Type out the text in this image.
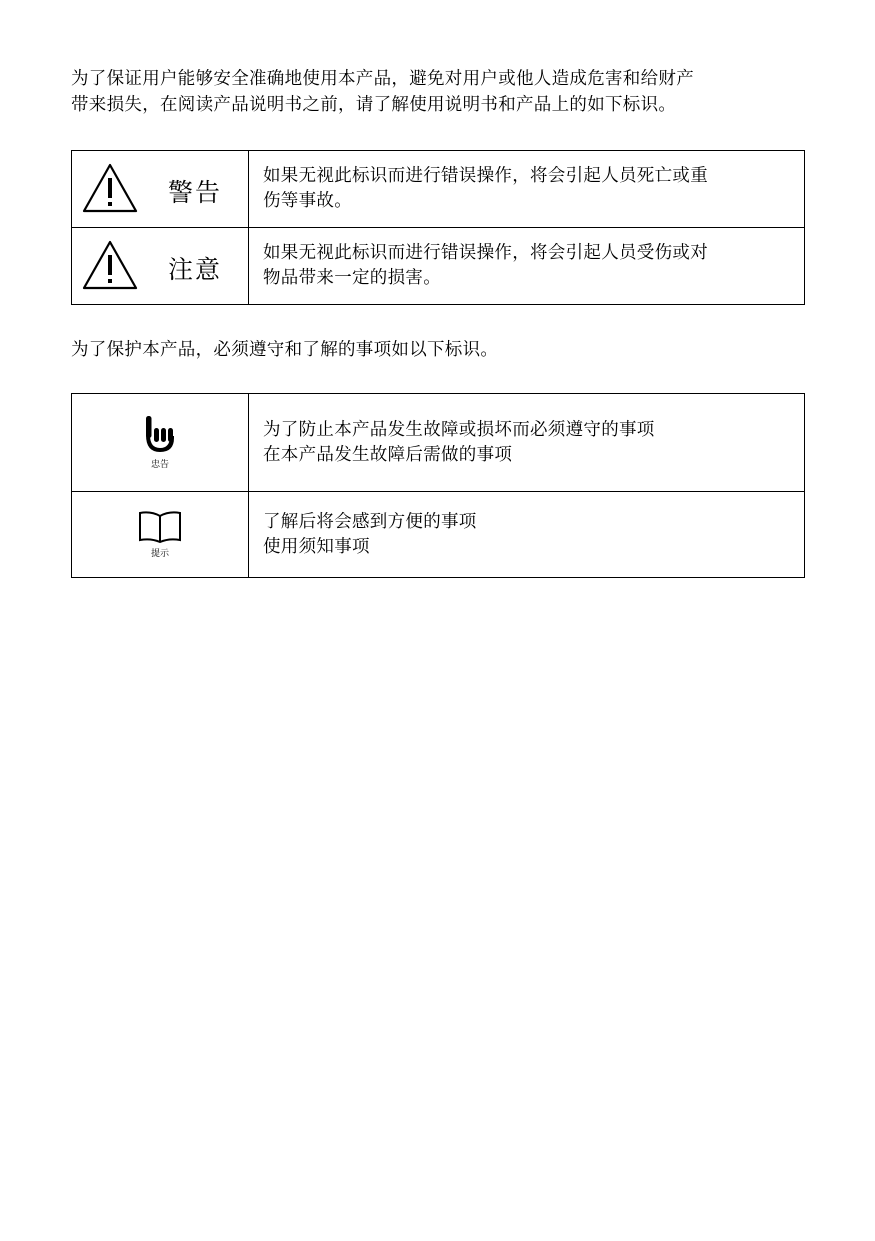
为了保证用户能够安全准确地使用本产品，避免对用户或他人造成危害和给财产
带来损失，在阅读产品说明书之前，请了解使用说明书和产品上的如下标识。
警告	如果无视此标识而进行错误操作，将会引起人员死亡或重
伤等事故。

注意	如果无视此标识而进行错误操作，将会引起人员受伤或对
物品带来一定的损害。
为了保护本产品，必须遵守和了解的事项如以下标识。
忠告	为了防止本产品发生故障或损坏而必须遵守的事项
在本产品发生故障后需做的事项

提示	了解后将会感到方便的事项
使用须知事项
